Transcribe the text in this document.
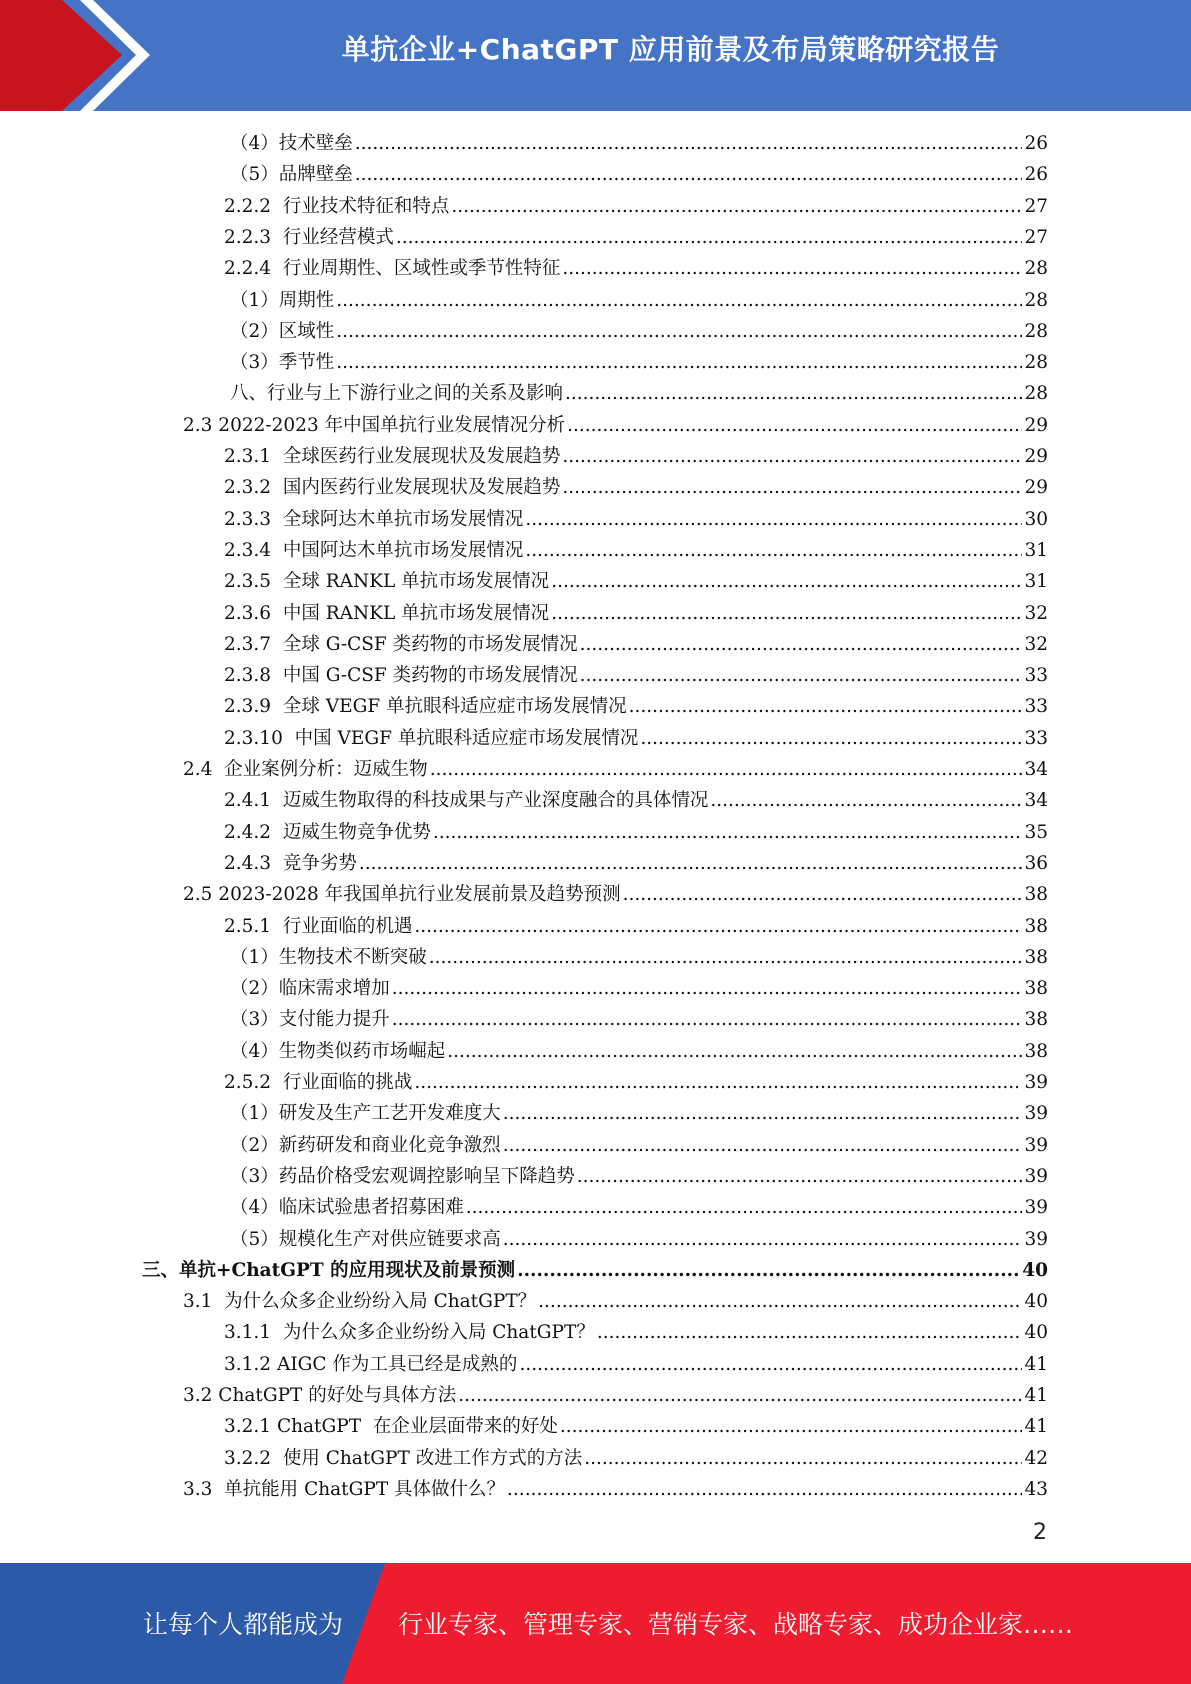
单抗企业+ChatGPT 应用前景及布局策略研究报告
（4）技术壁垒 .....	26
（5）品牌壁垒 .....	26
2.2.2  行业技术特征和特点 .....	27
2.2.3  行业经营模式 .....	27
2.2.4  行业周期性、区域性或季节性特征 .....	28
（1）周期性 .....	28
（2）区域性 .....	28
（3）季节性 .....	28
八、行业与上下游行业之间的关系及影响 .....	28
2.3 2022-2023 年中国单抗行业发展情况分析 .....	29
2.3.1  全球医药行业发展现状及发展趋势 .....	29
2.3.2  国内医药行业发展现状及发展趋势 .....	29
2.3.3  全球阿达木单抗市场发展情况 .....	30
2.3.4  中国阿达木单抗市场发展情况 .....	31
2.3.5  全球 RANKL 单抗市场发展情况 .....	31
2.3.6  中国 RANKL 单抗市场发展情况 .....	32
2.3.7  全球 G-CSF 类药物的市场发展情况 .....	32
2.3.8  中国 G-CSF 类药物的市场发展情况 .....	33
2.3.9  全球 VEGF 单抗眼科适应症市场发展情况 .....	33
2.3.10  中国 VEGF 单抗眼科适应症市场发展情况 .....	33
2.4  企业案例分析：迈威生物 .....	34
2.4.1  迈威生物取得的科技成果与产业深度融合的具体情况 .....	34
2.4.2  迈威生物竞争优势 .....	35
2.4.3  竞争劣势 .....	36
2.5 2023-2028 年我国单抗行业发展前景及趋势预测 .....	38
2.5.1  行业面临的机遇 .....	38
（1）生物技术不断突破 .....	38
（2）临床需求增加 .....	38
（3）支付能力提升 .....	38
（4）生物类似药市场崛起 .....	38
2.5.2  行业面临的挑战 .....	39
（1）研发及生产工艺开发难度大 .....	39
（2）新药研发和商业化竞争激烈 .....	39
（3）药品价格受宏观调控影响呈下降趋势 .....	39
（4）临床试验患者招募困难 .....	39
（5）规模化生产对供应链要求高 .....	39
三、单抗+ChatGPT 的应用现状及前景预测 .....	40
3.1  为什么众多企业纷纷入局 ChatGPT？ .....	40
3.1.1  为什么众多企业纷纷入局 ChatGPT？ .....	40
3.1.2 AIGC 作为工具已经是成熟的 .....	41
3.2 ChatGPT 的好处与具体方法 .....	41
3.2.1 ChatGPT  在企业层面带来的好处 .....	41
3.2.2  使用 ChatGPT 改进工作方式的方法 .....	42
3.3  单抗能用 ChatGPT 具体做什么？ .....	43
2
让每个人都能成为 行业专家、管理专家、营销专家、战略专家、成功企业家……
